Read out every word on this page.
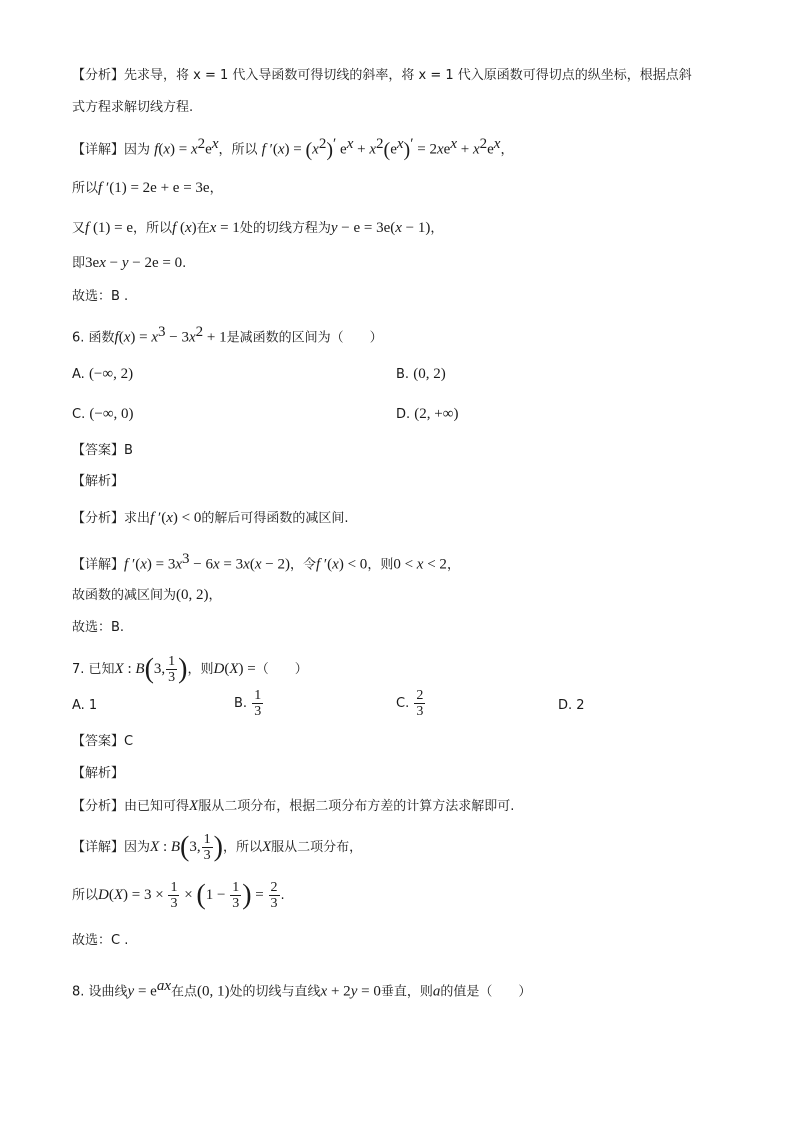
【分析】先求导，将 x = 1 代入导函数可得切线的斜率，将 x = 1 代入原函数可得切点的纵坐标，根据点斜
式方程求解切线方程.
【详解】因为 $f(x) = x^2e^x$，所以 f $'(x) = (x^2)'$ $e^x + x^2(e^x)' = 2xe^x + x^2e^x$，
所以f ′(1) = 2e + e = 3e，
又f (1) = e，所以f (x)在x = 1处的切线方程为y − e = 3e(x − 1)，
即3ex − y − 2e = 0.
故选：B .
6. 函数$f(x) = x^3 - 3x^2 + 1$是减函数的区间为（　　）
A. (−∞, 2)	B. (0, 2)
C. (−∞, 0)	D. (2, +∞)
【答案】B
【解析】
【分析】求出f ′(x) < 0的解后可得函数的减区间.
【详解】f $'(x) = 3x^3 - 6x = 3x(x - 2)$，令f ′(x) < 0，则0 < x < 2，
故函数的减区间为(0, 2)，
故选：B.
7. 已知X : B(3, $\frac{1}{3}$ )，则D(X) =（　　）
A. 1	B. $\frac{1}{3}$	C. $\frac{2}{3}$	D. 2
【答案】C
【解析】
【分析】由已知可得X服从二项分布，根据二项分布方差的计算方法求解即可.
【详解】因为X : B(3, $\frac{1}{3}$ )，所以X服从二项分布，
所以$D(X) = 3 \times \frac{1}{3} \times (1 - \frac{1}{3}$ ) = $\frac{2}{3}$ .
故选：C .
8. 设曲线$y = e^{ax}$在点(0, 1)处的切线与直线x + 2y = 0垂直，则a的值是（　　）
